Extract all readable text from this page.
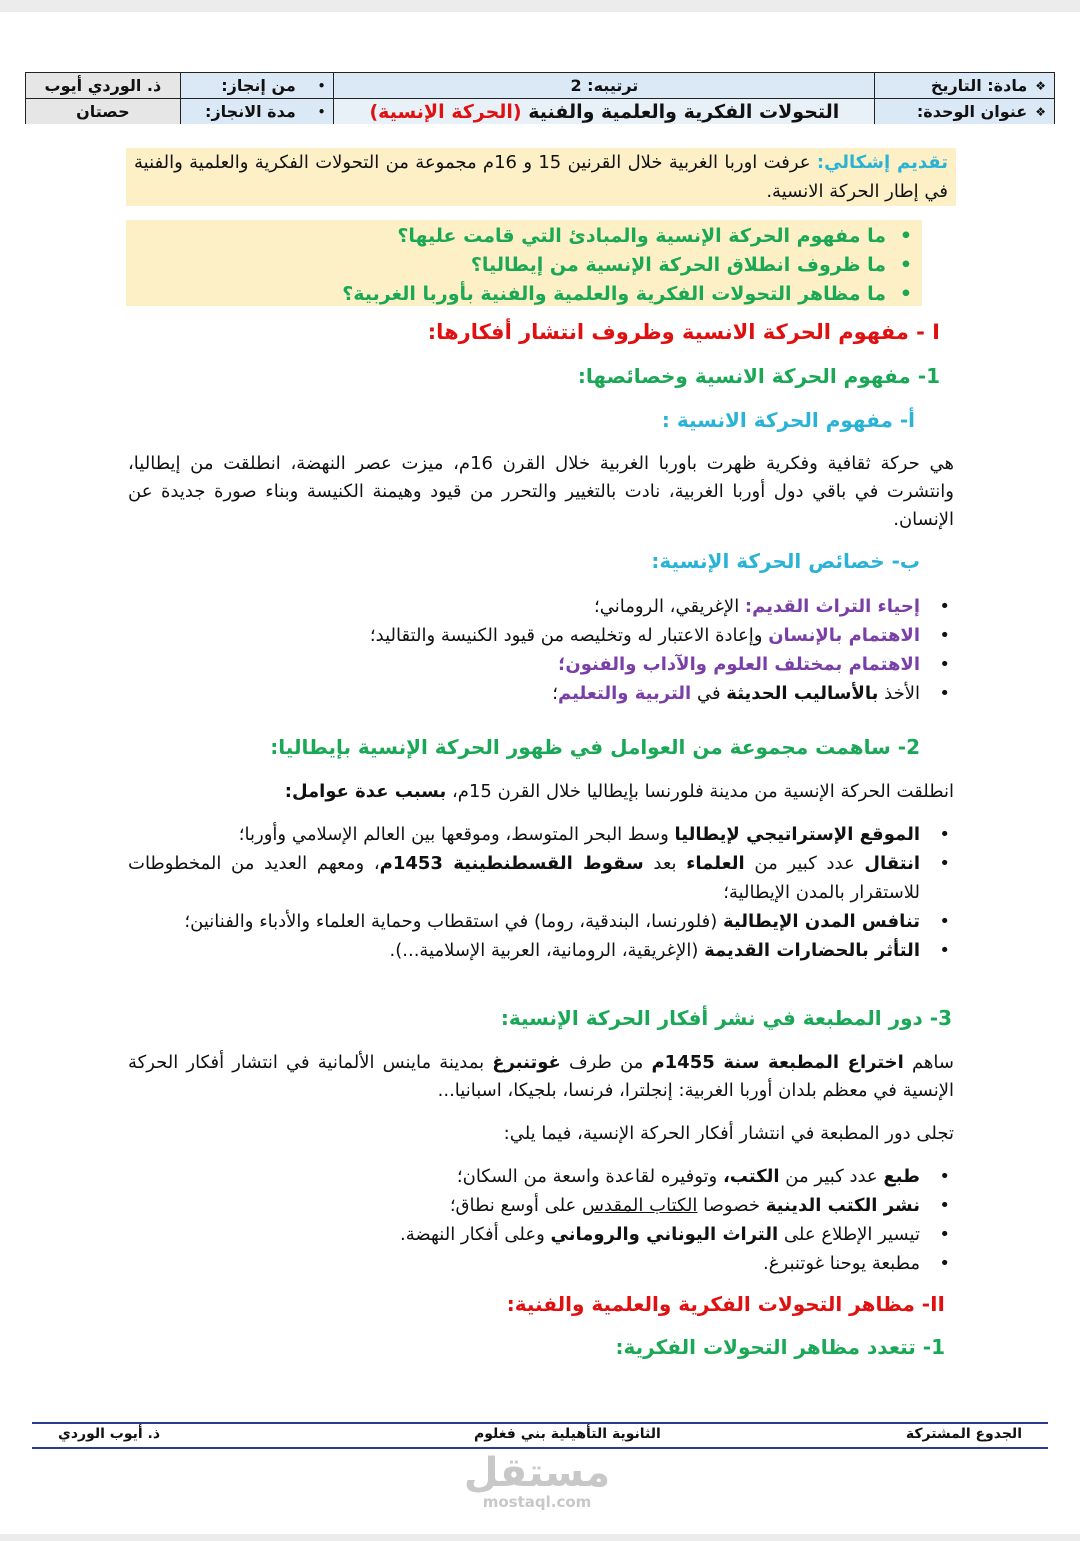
❖
مادة: التاريخ
ترتيبه: 2
•
من إنجاز:
ذ. الوردي أيوب
❖
عنوان الوحدة:
التحولات الفكرية والعلمية والفنية

(الحركة الإنسية)
•
مدة الانجاز:
حصتان
تقديم إشكالي: عرفت اوربا الغربية خلال القرنين 15 و 16م مجموعة من التحولات الفكرية والعلمية والفنية في إطار الحركة الانسية.
• ما مفهوم الحركة الإنسية والمبادئ التي قامت عليها؟
• ما ظروف انطلاق الحركة الإنسية من إيطاليا؟
• ما مظاهر التحولات الفكرية والعلمية والفنية بأوربا الغربية؟
I - مفهوم الحركة الانسية وظروف انتشار أفكارها:
1- مفهوم الحركة الانسية وخصائصها:
أ- مفهوم الحركة الانسية :
هي حركة ثقافية وفكرية ظهرت باوربا الغربية خلال القرن 16م، ميزت عصر النهضة، انطلقت من إيطاليا، وانتشرت في باقي دول أوربا الغربية، نادت بالتغيير والتحرر من قيود وهيمنة الكنيسة وبناء صورة جديدة عن الإنسان.
ب- خصائص الحركة الإنسية:
• إحياء التراث القديم: الإغريقي، الروماني؛
• الاهتمام بالإنسان وإعادة الاعتبار له وتخليصه من قيود الكنيسة والتقاليد؛
• الاهتمام بمختلف العلوم والآداب والفنون؛
• الأخذ بالأساليب الحديثة في التربية والتعليم؛
2- ساهمت مجموعة من العوامل في ظهور الحركة الإنسية بإيطاليا:
انطلقت الحركة الإنسية من مدينة فلورنسا بإيطاليا خلال القرن 15م، بسبب عدة عوامل:
• الموقع الإستراتيجي لإيطاليا وسط البحر المتوسط، وموقعها بين العالم الإسلامي وأوربا؛
• انتقال عدد كبير من العلماء بعد سقوط القسطنطينية 1453م، ومعهم العديد من المخطوطات للاستقرار بالمدن الإيطالية؛
• تنافس المدن الإيطالية (فلورنسا، البندقية، روما) في استقطاب وحماية العلماء والأدباء والفنانين؛
• التأثر بالحضارات القديمة (الإغريقية، الرومانية، العربية الإسلامية...).
3- دور المطبعة في نشر أفكار الحركة الإنسية:
ساهم اختراع المطبعة سنة 1455م من طرف غوتنبرغ بمدينة ماينس الألمانية في انتشار أفكار الحركة الإنسية في معظم بلدان أوربا الغربية: إنجلترا، فرنسا، بلجيكا، اسبانيا...
تجلى دور المطبعة في انتشار أفكار الحركة الإنسية، فيما يلي:
• طبع عدد كبير من الكتب، وتوفيره لقاعدة واسعة من السكان؛
• نشر الكتب الدينية خصوصا الكتاب المقدس على أوسع نطاق؛
• تيسير الإطلاع على التراث اليوناني والروماني وعلى أفكار النهضة.
• مطبعة يوحنا غوتنبرغ.
II- مظاهر التحولات الفكرية والعلمية والفنية:
1- تتعدد مظاهر التحولات الفكرية:
الجدوع المشتركة
الثانوية التأهيلية بني فغلوم
ذ. أيوب الوردي
مستقل
mostaql.com
